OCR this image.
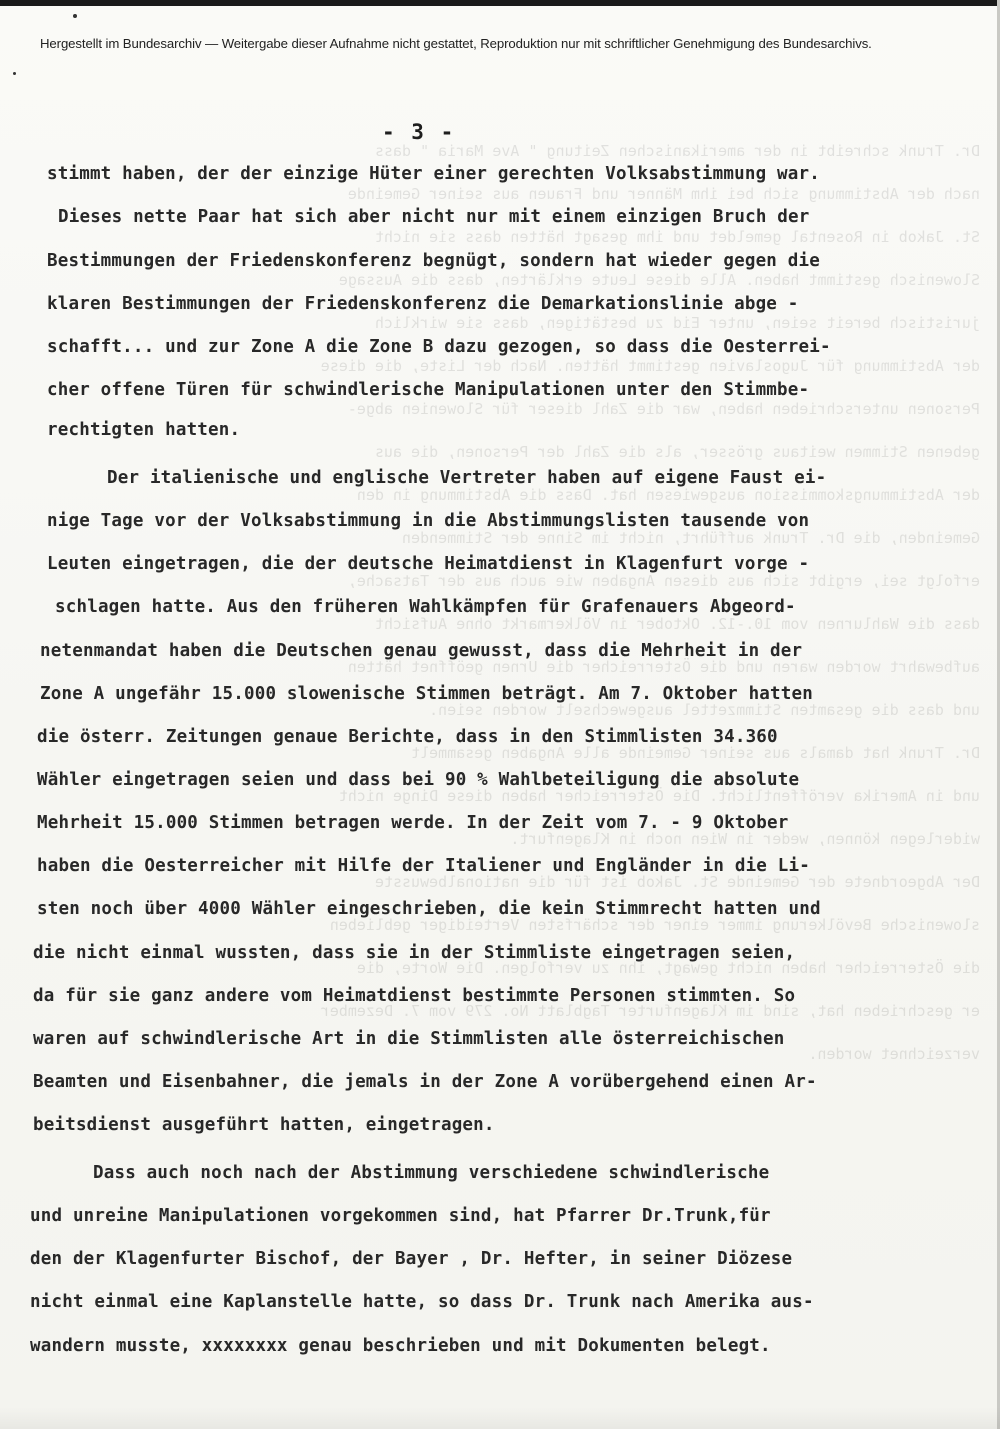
Hergestellt im Bundesarchiv — Weitergabe dieser Aufnahme nicht gestattet, Reproduktion nur mit schriftlicher Genehmigung des Bundesarchivs.
Dr. Trunk schreibt in der amerikanischen Zeitung " Ave Maria " dass
nach der Abstimmung sich bei ihm Männer und Frauen aus seiner Gemeinde
St. Jakob in Rosental gemeldet und ihm gesagt hätten dass sie nicht
Slowenisch gestimmt haben. Alle diese Leute erklärten, dass die Aussage
juristisch bereit seien, unter Eid zu bestätigen, dass sie wirklich
der Abstimmung für Jugoslavien gestimmt hätten. Nach der Liste, die diese
Personen unterschrieben haben, war die Zahl dieser für Slowenien abge-
gebenen Stimmen weitaus grösser, als die Zahl der Personen, die aus
der Abstimmungskommission ausgewiesen hat. Dass die Abstimmung in den
Gemeinden, die Dr. Trunk aufführt, nicht im Sinne der Stimmenden
erfolgt sei, ergibt sich aus diesen Angaben wie auch aus der Tatsache,
dass die Wahlurnen vom 10.-12. Oktober in Völkermarkt ohne Aufsicht
aufbewahrt worden waren und die Österreicher die Urnen geöffnet hätten
und dass die gesamten Stimmzettel ausgewechselt worden seien.
Dr. Trunk hat damals aus seiner Gemeinde alle Angaben gesammelt
und in Amerika veröffentlicht. Die Österreicher haben diese Dinge nicht
widerlegen können, weder in Wien noch in Klagenfurt.
Der Abgeordnete der Gemeinde St. Jakob ist für die nationalbewusste
slowenische Bevölkerung immer einer der schärfsten Verteidiger geblieben
die Österreicher haben nicht gewagt, ihn zu verfolgen. Die Worte, die
er geschrieben hat, sind im Klagenfurter Tagblatt No. 279 vom 7. Dezember
verzeichnet worden.
- 3 -
stimmt haben, der der einzige Hüter einer gerechten Volksabstimmung war.
Dieses nette Paar hat sich aber nicht nur mit einem einzigen Bruch der
Bestimmungen der Friedenskonferenz begnügt, sondern hat wieder gegen die
klaren Bestimmungen der Friedenskonferenz die Demarkationslinie abge -
schafft... und zur Zone A die Zone B dazu gezogen, so dass die Oesterrei-
cher offene Türen für schwindlerische Manipulationen unter den Stimmbe-
rechtigten hatten.
Der italienische und englische Vertreter haben auf eigene Faust ei-
nige Tage vor der Volksabstimmung in die Abstimmungslisten tausende von
Leuten eingetragen, die der deutsche Heimatdienst in Klagenfurt vorge -
schlagen hatte. Aus den früheren Wahlkämpfen für Grafenauers Abgeord-
netenmandat haben die Deutschen genau gewusst, dass die Mehrheit in der
Zone A ungefähr 15.000 slowenische Stimmen beträgt. Am 7. Oktober hatten
die österr. Zeitungen genaue Berichte, dass in den Stimmlisten 34.360
Wähler eingetragen seien und dass bei 90 % Wahlbeteiligung die absolute
Mehrheit 15.000 Stimmen betragen werde. In der Zeit vom 7. - 9 Oktober
haben die Oesterreicher mit Hilfe der Italiener und Engländer in die Li-
sten noch über 4000 Wähler eingeschrieben, die kein Stimmrecht hatten und
die nicht einmal wussten, dass sie in der Stimmliste eingetragen seien,
da für sie ganz andere vom Heimatdienst bestimmte Personen stimmten. So
waren auf schwindlerische Art in die Stimmlisten alle österreichischen
Beamten und Eisenbahner, die jemals in der Zone A vorübergehend einen Ar-
beitsdienst ausgeführt hatten, eingetragen.
Dass auch noch nach der Abstimmung verschiedene schwindlerische
und unreine Manipulationen vorgekommen sind, hat Pfarrer Dr.Trunk,für
den der Klagenfurter Bischof, der Bayer , Dr. Hefter, in seiner Diözese
nicht einmal eine Kaplanstelle hatte, so dass Dr. Trunk nach Amerika aus-
wandern musste, xxxxxxxx genau beschrieben und mit Dokumenten belegt.
